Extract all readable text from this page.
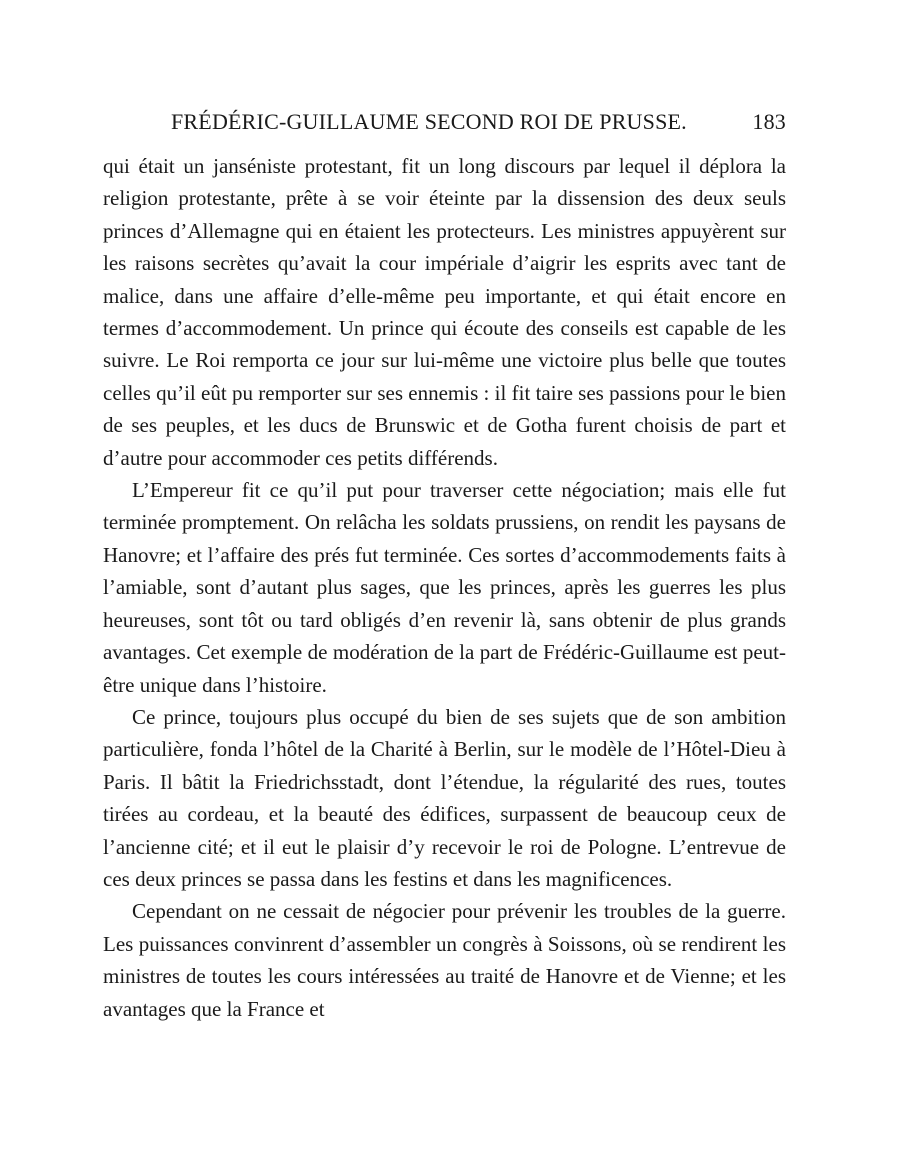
FRÉDÉRIC-GUILLAUME SECOND ROI DE PRUSSE.	183

qui était un janséniste protestant, fit un long discours par lequel il déplora la religion protestante, prête à se voir éteinte par la dissension des deux seuls princes d’Allemagne qui en étaient les protecteurs. Les ministres appuyèrent sur les raisons secrètes qu’avait la cour impériale d’aigrir les esprits avec tant de malice, dans une affaire d’elle-même peu importante, et qui était encore en termes d’accommodement. Un prince qui écoute des conseils est capable de les suivre. Le Roi remporta ce jour sur lui-même une victoire plus belle que toutes celles qu’il eût pu remporter sur ses ennemis : il fit taire ses passions pour le bien de ses peuples, et les ducs de Brunswic et de Gotha furent choisis de part et d’autre pour accommoder ces petits différends.

L’Empereur fit ce qu’il put pour traverser cette négociation; mais elle fut terminée promptement. On relâcha les soldats prussiens, on rendit les paysans de Hanovre; et l’affaire des prés fut terminée. Ces sortes d’accommodements faits à l’amiable, sont d’autant plus sages, que les princes, après les guerres les plus heureuses, sont tôt ou tard obligés d’en revenir là, sans obtenir de plus grands avantages. Cet exemple de modération de la part de Frédéric-Guillaume est peut-être unique dans l’histoire.

Ce prince, toujours plus occupé du bien de ses sujets que de son ambition particulière, fonda l’hôtel de la Charité à Berlin, sur le modèle de l’Hôtel-Dieu à Paris. Il bâtit la Friedrichsstadt, dont l’étendue, la régularité des rues, toutes tirées au cordeau, et la beauté des édifices, surpassent de beaucoup ceux de l’ancienne cité; et il eut le plaisir d’y recevoir le roi de Pologne. L’entrevue de ces deux princes se passa dans les festins et dans les magnificences.

Cependant on ne cessait de négocier pour prévenir les troubles de la guerre. Les puissances convinrent d’assembler un congrès à Soissons, où se rendirent les ministres de toutes les cours intéressées au traité de Hanovre et de Vienne; et les avantages que la France et
